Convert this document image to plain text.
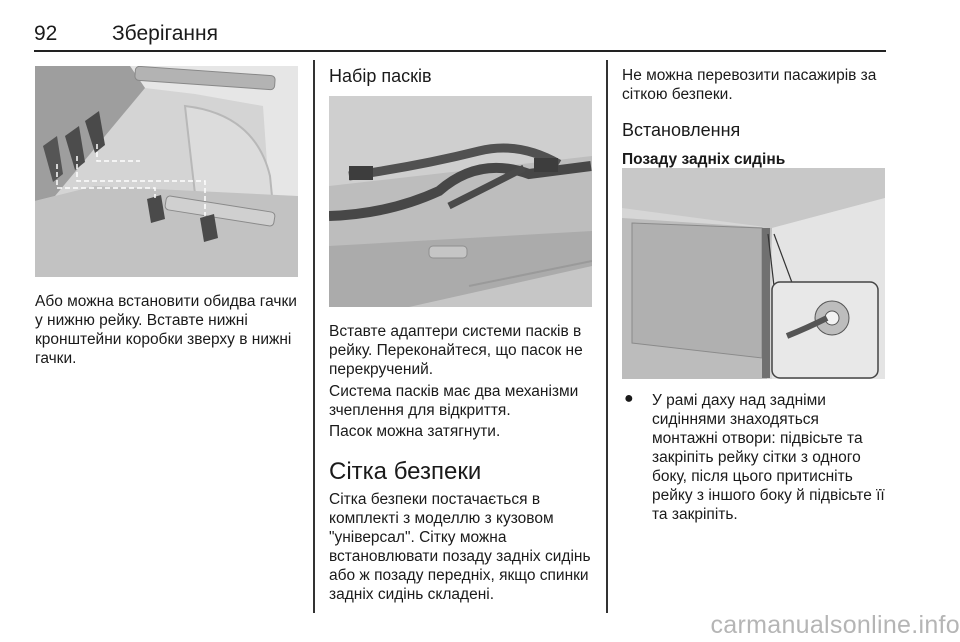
92	Зберігання

Або можна встановити обидва гачки у нижню рейку. Вставте нижні кронштейни коробки зверху в нижні гачки.

Набір пасків

Вставте адаптери системи пасків в рейку. Переконайтеся, що пасок не перекручений.

Система пасків має два механізми зчеплення для відкриття.

Пасок можна затягнути.

Сітка безпеки

Сітка безпеки постачається в комплекті з моделлю з кузовом "універсал". Сітку можна встановлювати позаду задніх сидінь або ж позаду передніх, якщо спинки задніх сидінь складені.

Не можна перевозити пасажирів за сіткою безпеки.

Встановлення
Позаду задніх сидінь
● У рамі даху над задніми сидіннями знаходяться монтажні отвори: підвісьте та закріпіть рейку сітки з одного боку, після цього притисніть рейку з іншого боку й підвісьте її та закріпіть.

carmanualsonline.info
